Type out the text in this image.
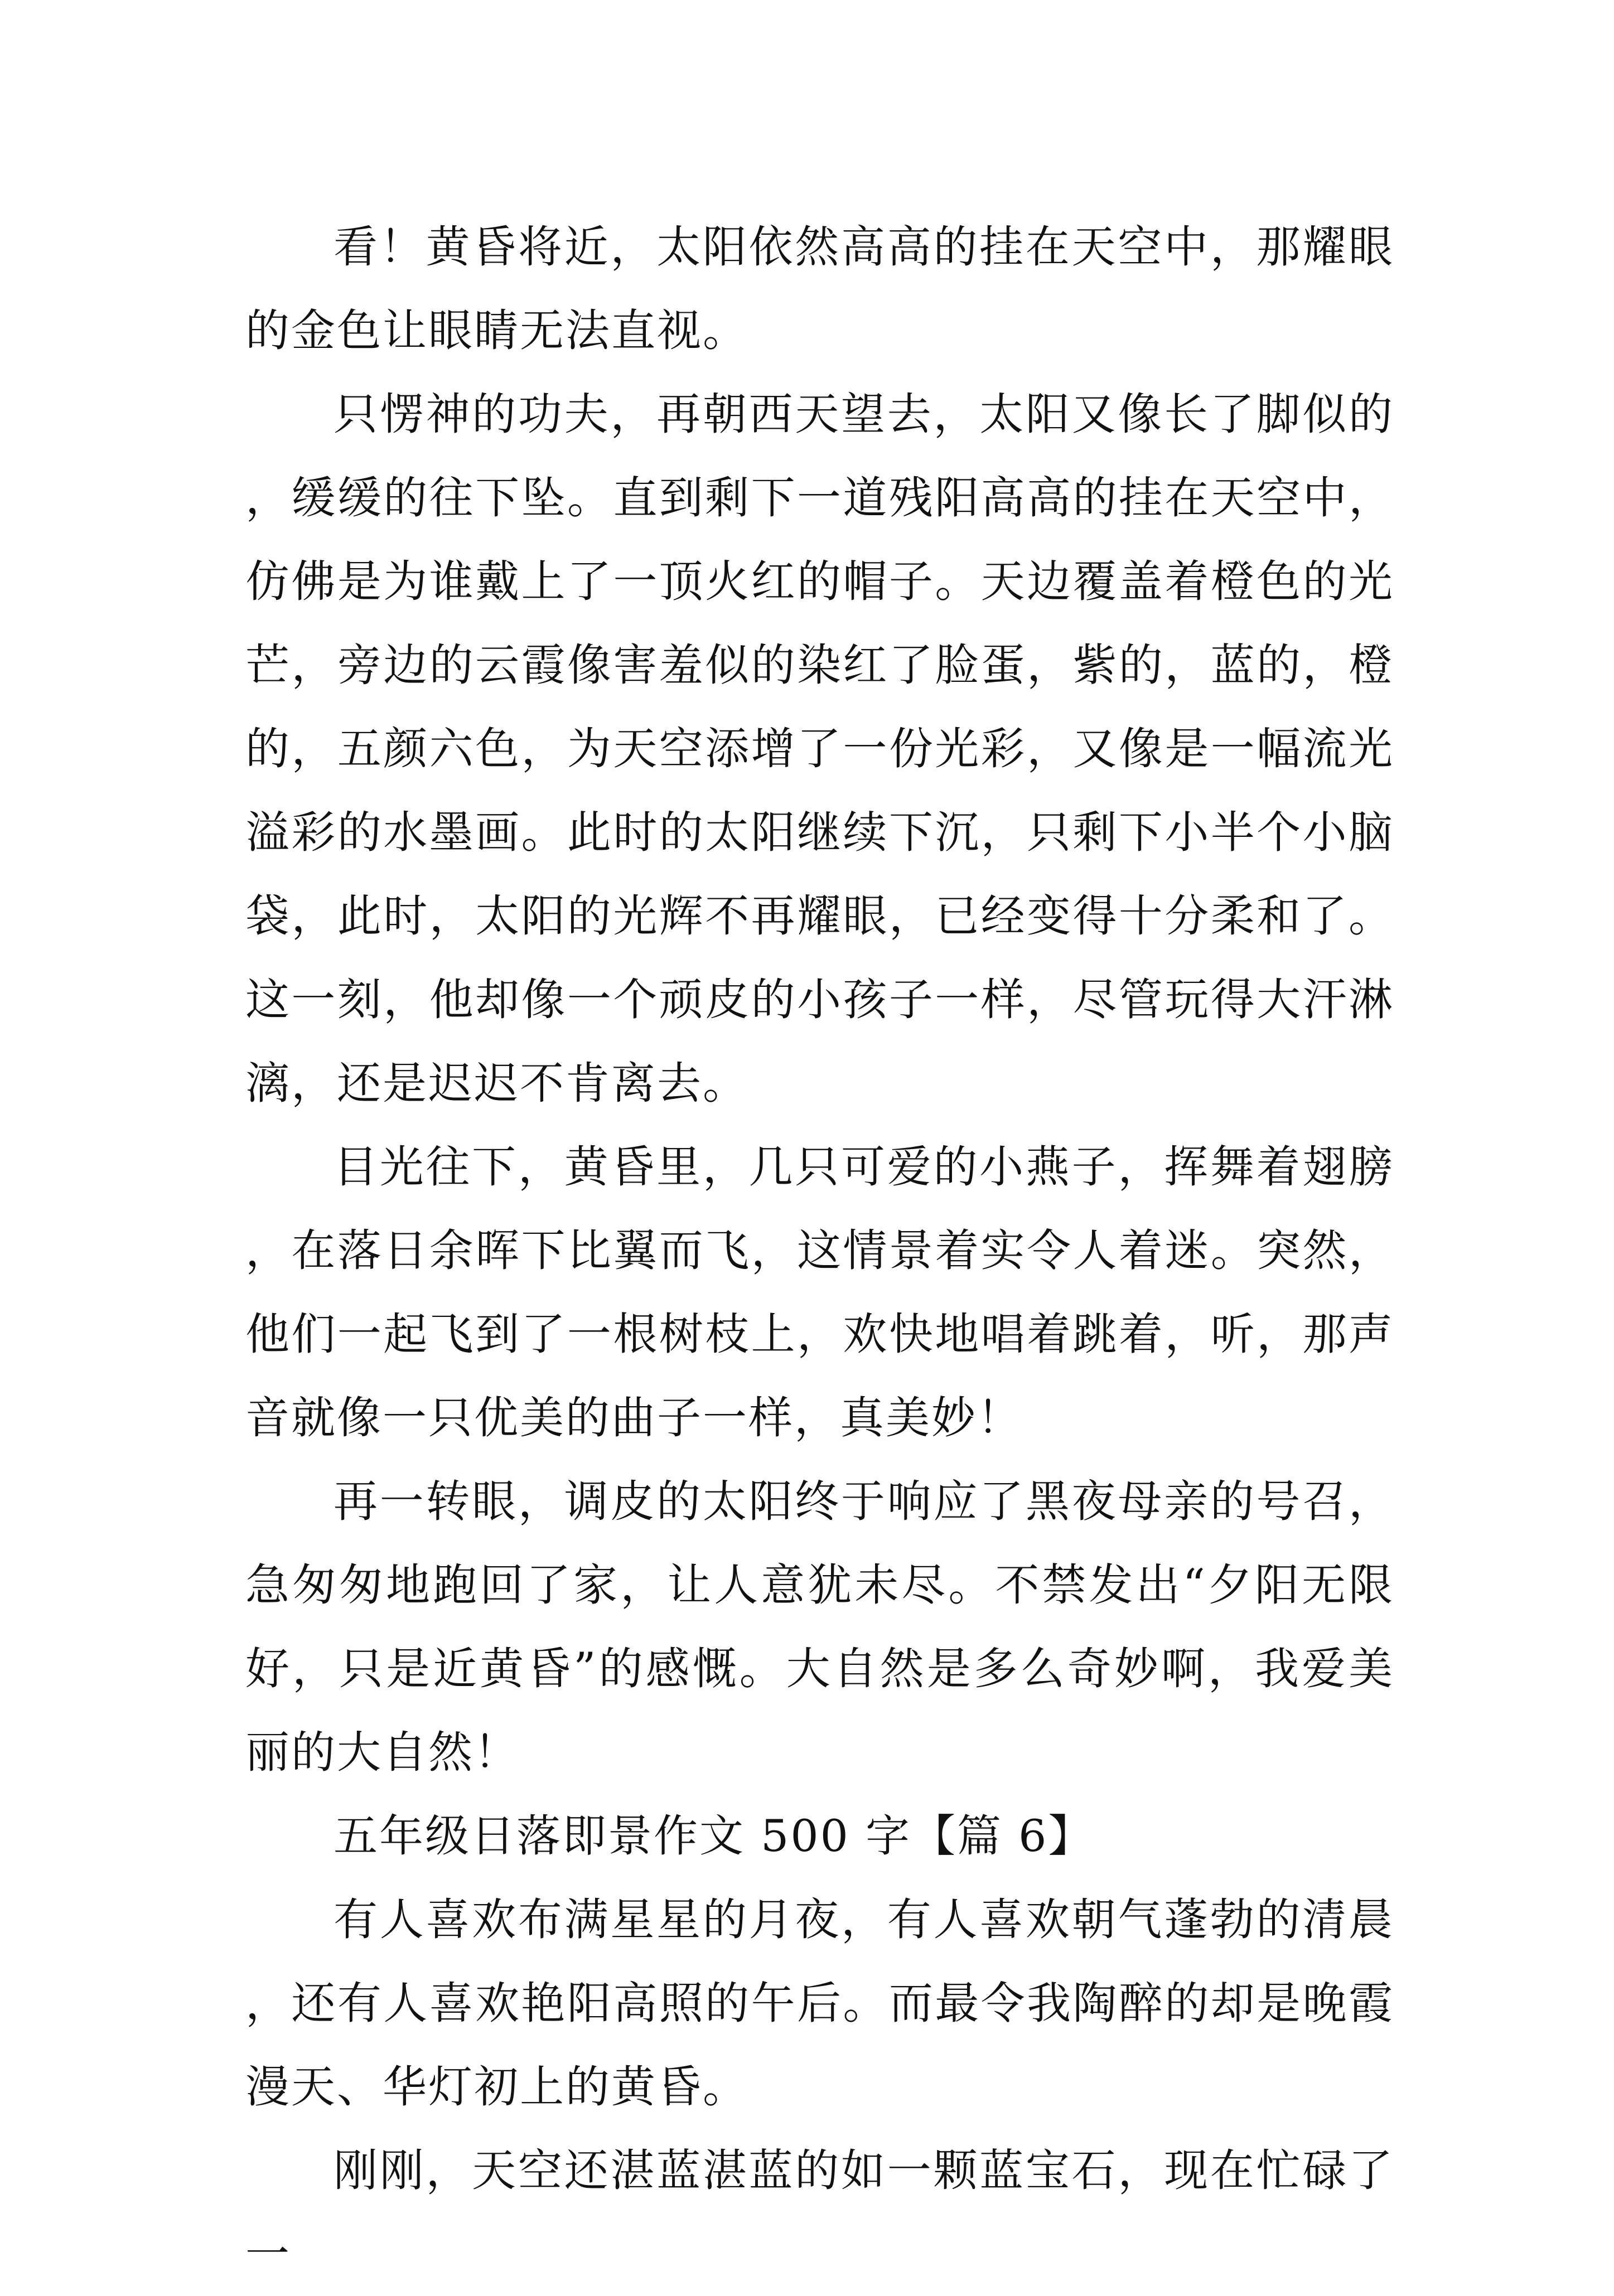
看！黄昏将近，太阳依然高高的挂在天空中，那耀眼的金色让眼睛无法直视。

只愣神的功夫，再朝西天望去，太阳又像长了脚似的，缓缓的往下坠。直到剩下一道残阳高高的挂在天空中，仿佛是为谁戴上了一顶火红的帽子。天边覆盖着橙色的光芒，旁边的云霞像害羞似的染红了脸蛋，紫的，蓝的，橙的，五颜六色，为天空添增了一份光彩，又像是一幅流光溢彩的水墨画。此时的太阳继续下沉，只剩下小半个小脑袋，此时，太阳的光辉不再耀眼，已经变得十分柔和了。这一刻，他却像一个顽皮的小孩子一样，尽管玩得大汗淋漓，还是迟迟不肯离去。

目光往下，黄昏里，几只可爱的小燕子，挥舞着翅膀，在落日余晖下比翼而飞，这情景着实令人着迷。突然，他们一起飞到了一根树枝上，欢快地唱着跳着，听，那声音就像一只优美的曲子一样，真美妙！

再一转眼，调皮的太阳终于响应了黑夜母亲的号召，急匆匆地跑回了家，让人意犹未尽。不禁发出“夕阳无限好，只是近黄昏”的感慨。大自然是多么奇妙啊，我爱美丽的大自然！

五年级日落即景作文 500 字【篇 6】

有人喜欢布满星星的月夜，有人喜欢朝气蓬勃的清晨，还有人喜欢艳阳高照的午后。而最令我陶醉的却是晚霞漫天、华灯初上的黄昏。

刚刚，天空还湛蓝湛蓝的如一颗蓝宝石，现在忙碌了一
